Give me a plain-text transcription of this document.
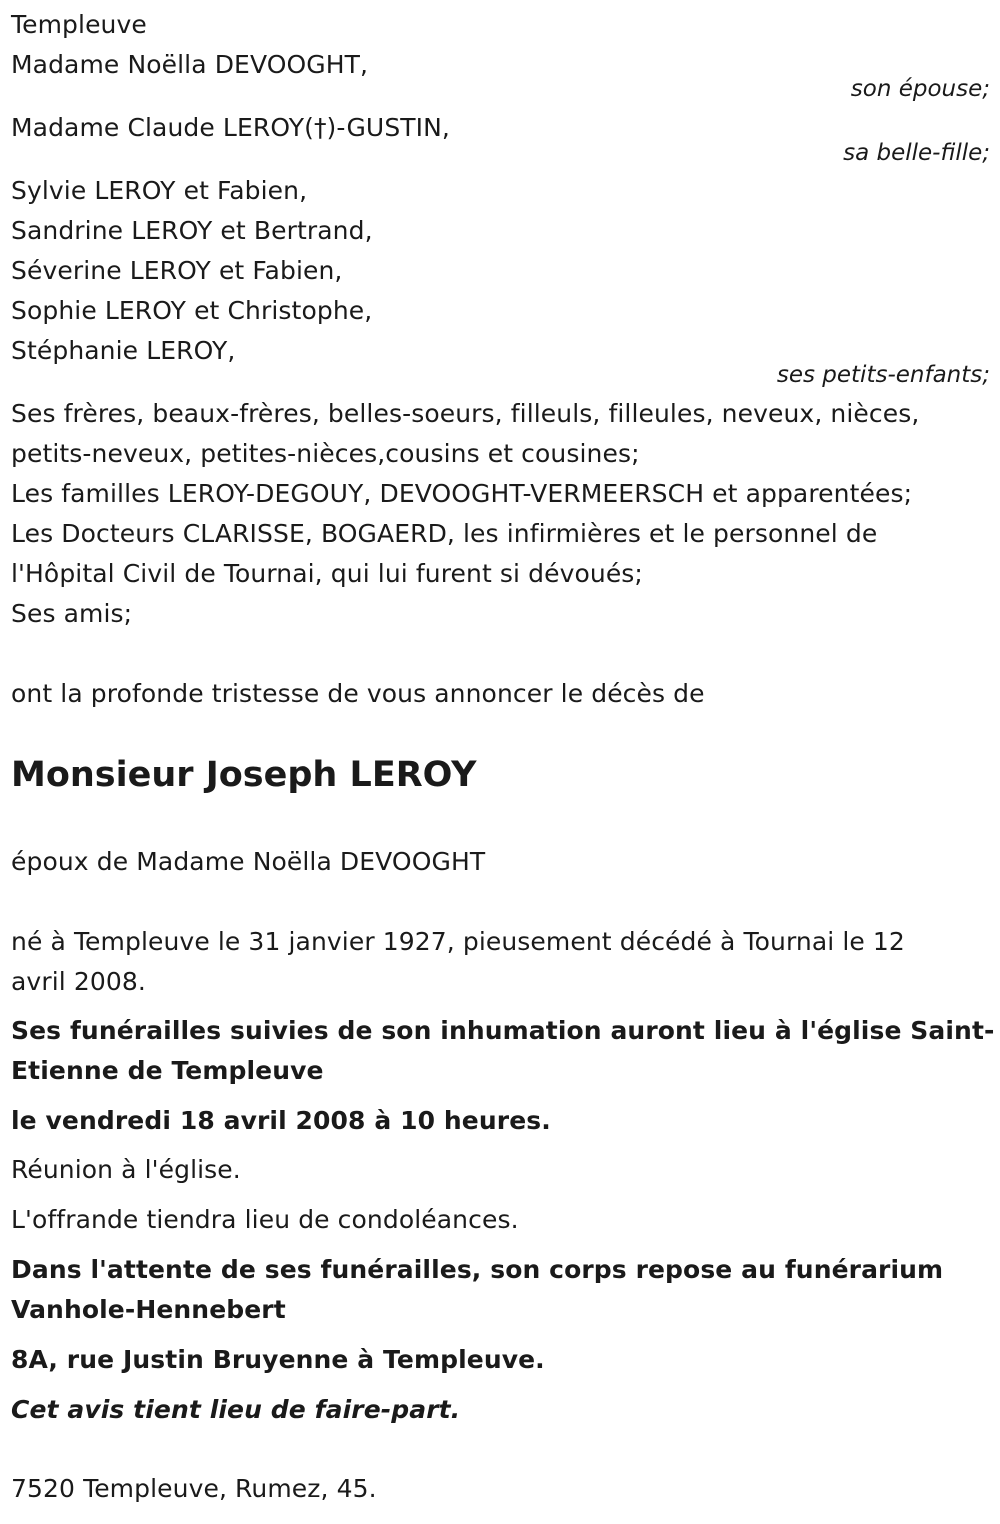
Templeuve
Madame Noëlla DEVOOGHT,
son épouse;
Madame Claude LEROY(†)-GUSTIN,
sa belle-fille;
Sylvie LEROY et Fabien,
Sandrine LEROY et Bertrand,
Séverine LEROY et Fabien,
Sophie LEROY et Christophe,
Stéphanie LEROY,
ses petits-enfants;
Ses frères, beaux-frères, belles-soeurs, filleuls, filleules, neveux, nièces,
petits-neveux, petites-nièces,cousins et cousines;
Les familles LEROY-DEGOUY, DEVOOGHT-VERMEERSCH et apparentées;
Les Docteurs CLARISSE, BOGAERD, les infirmières et le personnel de
l'Hôpital Civil de Tournai, qui lui furent si dévoués;
Ses amis;
ont la profonde tristesse de vous annoncer le décès de
Monsieur Joseph LEROY
époux de Madame Noëlla DEVOOGHT
né à Templeuve le 31 janvier 1927, pieusement décédé à Tournai le 12
avril 2008.
Ses funérailles suivies de son inhumation auront lieu à l'église Saint-
Etienne de Templeuve
le vendredi 18 avril 2008 à 10 heures.
Réunion à l'église.
L'offrande tiendra lieu de condoléances.
Dans l'attente de ses funérailles, son corps repose au funérarium
Vanhole-Hennebert
8A, rue Justin Bruyenne à Templeuve.
Cet avis tient lieu de faire-part.
7520 Templeuve, Rumez, 45.
